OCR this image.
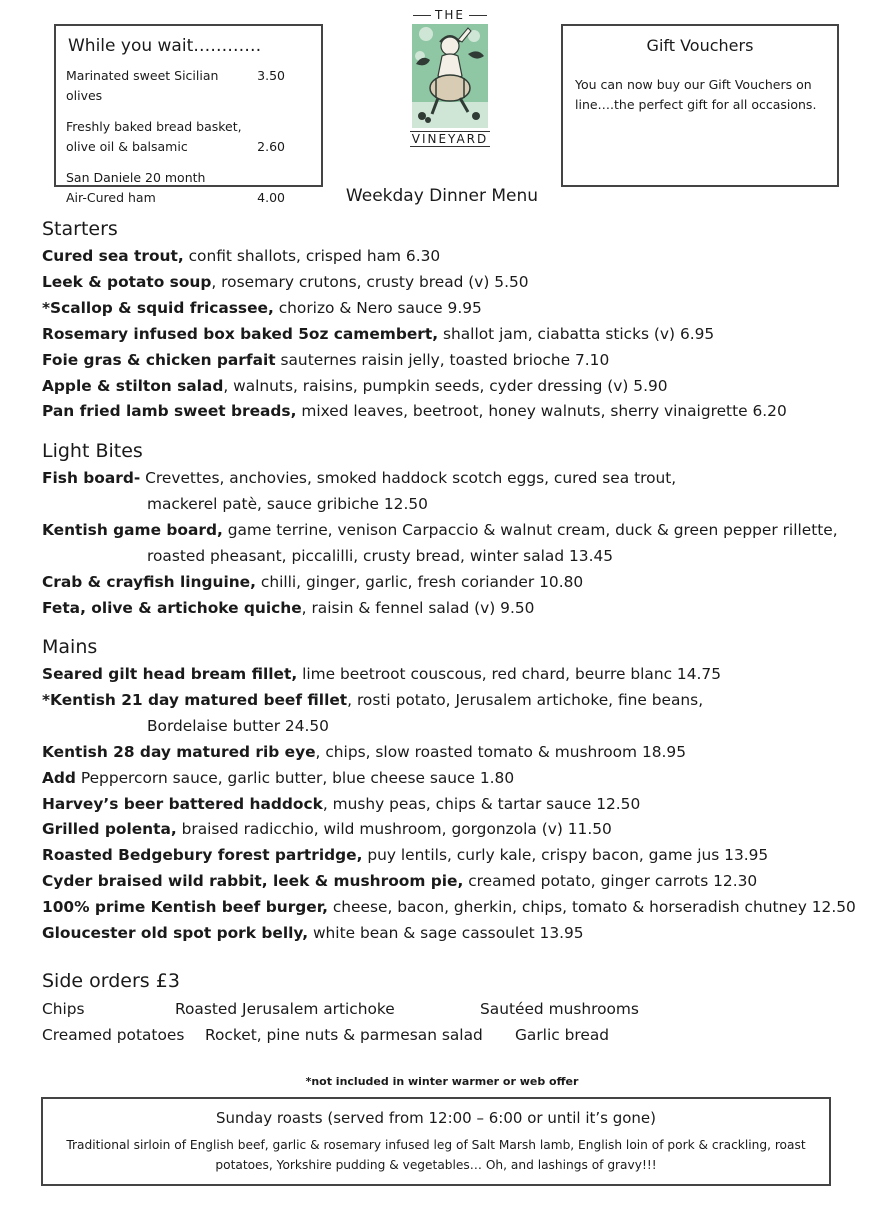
While you wait…………
Marinated sweet Sicilian olives
3.50
Freshly baked bread basket,
olive oil & balsamic	2.60
San Daniele 20 month
Air-Cured ham	4.00
THE
VINEYARD
Gift Vouchers
You can now buy our Gift Vouchers on line….the perfect gift for all occasions.
Weekday Dinner Menu
Starters
Cured sea trout, confit shallots, crisped ham 6.30
Leek & potato soup, rosemary crutons, crusty bread (v) 5.50
*Scallop & squid fricassee, chorizo & Nero sauce 9.95
Rosemary infused box baked 5oz camembert, shallot jam, ciabatta sticks (v) 6.95
Foie gras & chicken parfait sauternes raisin jelly, toasted brioche 7.10
Apple & stilton salad, walnuts, raisins, pumpkin seeds, cyder dressing (v) 5.90
Pan fried lamb sweet breads, mixed leaves, beetroot, honey walnuts, sherry vinaigrette 6.20
Light Bites
Fish board- Crevettes, anchovies, smoked haddock scotch eggs, cured sea trout,
mackerel patè, sauce gribiche 12.50
Kentish game board, game terrine, venison Carpaccio & walnut cream, duck & green pepper rillette,
roasted pheasant, piccalilli, crusty bread, winter salad 13.45
Crab & crayfish linguine, chilli, ginger, garlic, fresh coriander 10.80
Feta, olive & artichoke quiche, raisin & fennel salad (v) 9.50
Mains
Seared gilt head bream fillet, lime beetroot couscous, red chard, beurre blanc 14.75
*Kentish 21 day matured beef fillet, rosti potato, Jerusalem artichoke, fine beans,
Bordelaise butter 24.50
Kentish 28 day matured rib eye, chips, slow roasted tomato & mushroom 18.95
Add Peppercorn sauce, garlic butter, blue cheese sauce 1.80
Harvey’s beer battered haddock, mushy peas, chips & tartar sauce 12.50
Grilled polenta, braised radicchio, wild mushroom, gorgonzola (v) 11.50
Roasted Bedgebury forest partridge, puy lentils, curly kale, crispy bacon, game jus 13.95
Cyder braised wild rabbit, leek & mushroom pie, creamed potato, ginger carrots 12.30
100% prime Kentish beef burger, cheese, bacon, gherkin, chips, tomato & horseradish chutney 12.50
Gloucester old spot pork belly, white bean & sage cassoulet 13.95
Side orders £3
Chips	Roasted Jerusalem artichoke	Sautéed mushrooms
Creamed potatoes Rocket, pine nuts & parmesan salad Garlic bread
*not included in winter warmer or web offer
Sunday roasts (served from 12:00 – 6:00 or until it’s gone)
Traditional sirloin of English beef, garlic & rosemary infused leg of Salt Marsh lamb, English loin of pork & crackling, roast
potatoes, Yorkshire pudding & vegetables… Oh, and lashings of gravy!!!
